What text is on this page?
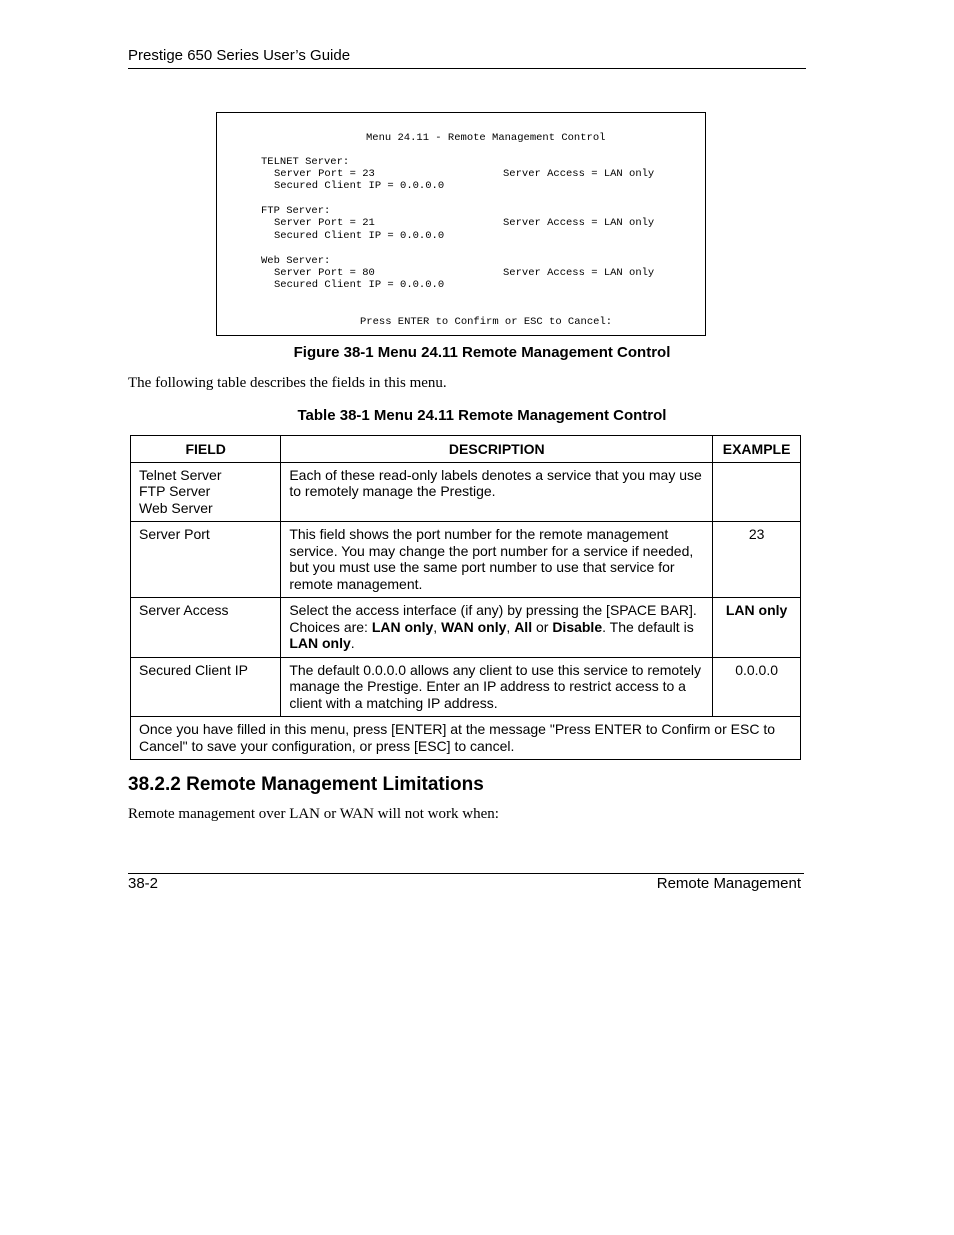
Prestige 650 Series User’s Guide
Menu 24.11 - Remote Management Control
TELNET Server:
Server Port = 23	Server Access = LAN only
Secured Client IP = 0.0.0.0
FTP Server:
Server Port = 21	Server Access = LAN only
Secured Client IP = 0.0.0.0
Web Server:
Server Port = 80	Server Access = LAN only
Secured Client IP = 0.0.0.0
Press ENTER to Confirm or ESC to Cancel:
Figure 38-1 Menu 24.11 Remote Management Control
The following table describes the fields in this menu.
Table 38-1 Menu 24.11 Remote Management Control
FIELD	DESCRIPTION	EXAMPLE

Telnet Server
FTP Server
Web Server	Each of these read-only labels denotes a service that you may use to remotely manage the Prestige.	
Server Port	This field shows the port number for the remote management service. You may change the port number for a service if needed, but you must use the same port number to use that service for remote management.	23
Server Access	Select the access interface (if any) by pressing the [SPACE BAR]. Choices are: LAN only, WAN only, All or Disable. The default is LAN only.	LAN only
Secured Client IP	The default 0.0.0.0 allows any client to use this service to remotely manage the Prestige. Enter an IP address to restrict access to a client with a matching IP address.	0.0.0.0
Once you have filled in this menu, press [ENTER] at the message "Press ENTER to Confirm or ESC to Cancel" to save your configuration, or press [ESC] to cancel.		
38.2.2 Remote Management Limitations
Remote management over LAN or WAN will not work when:
38-2	Remote Management
